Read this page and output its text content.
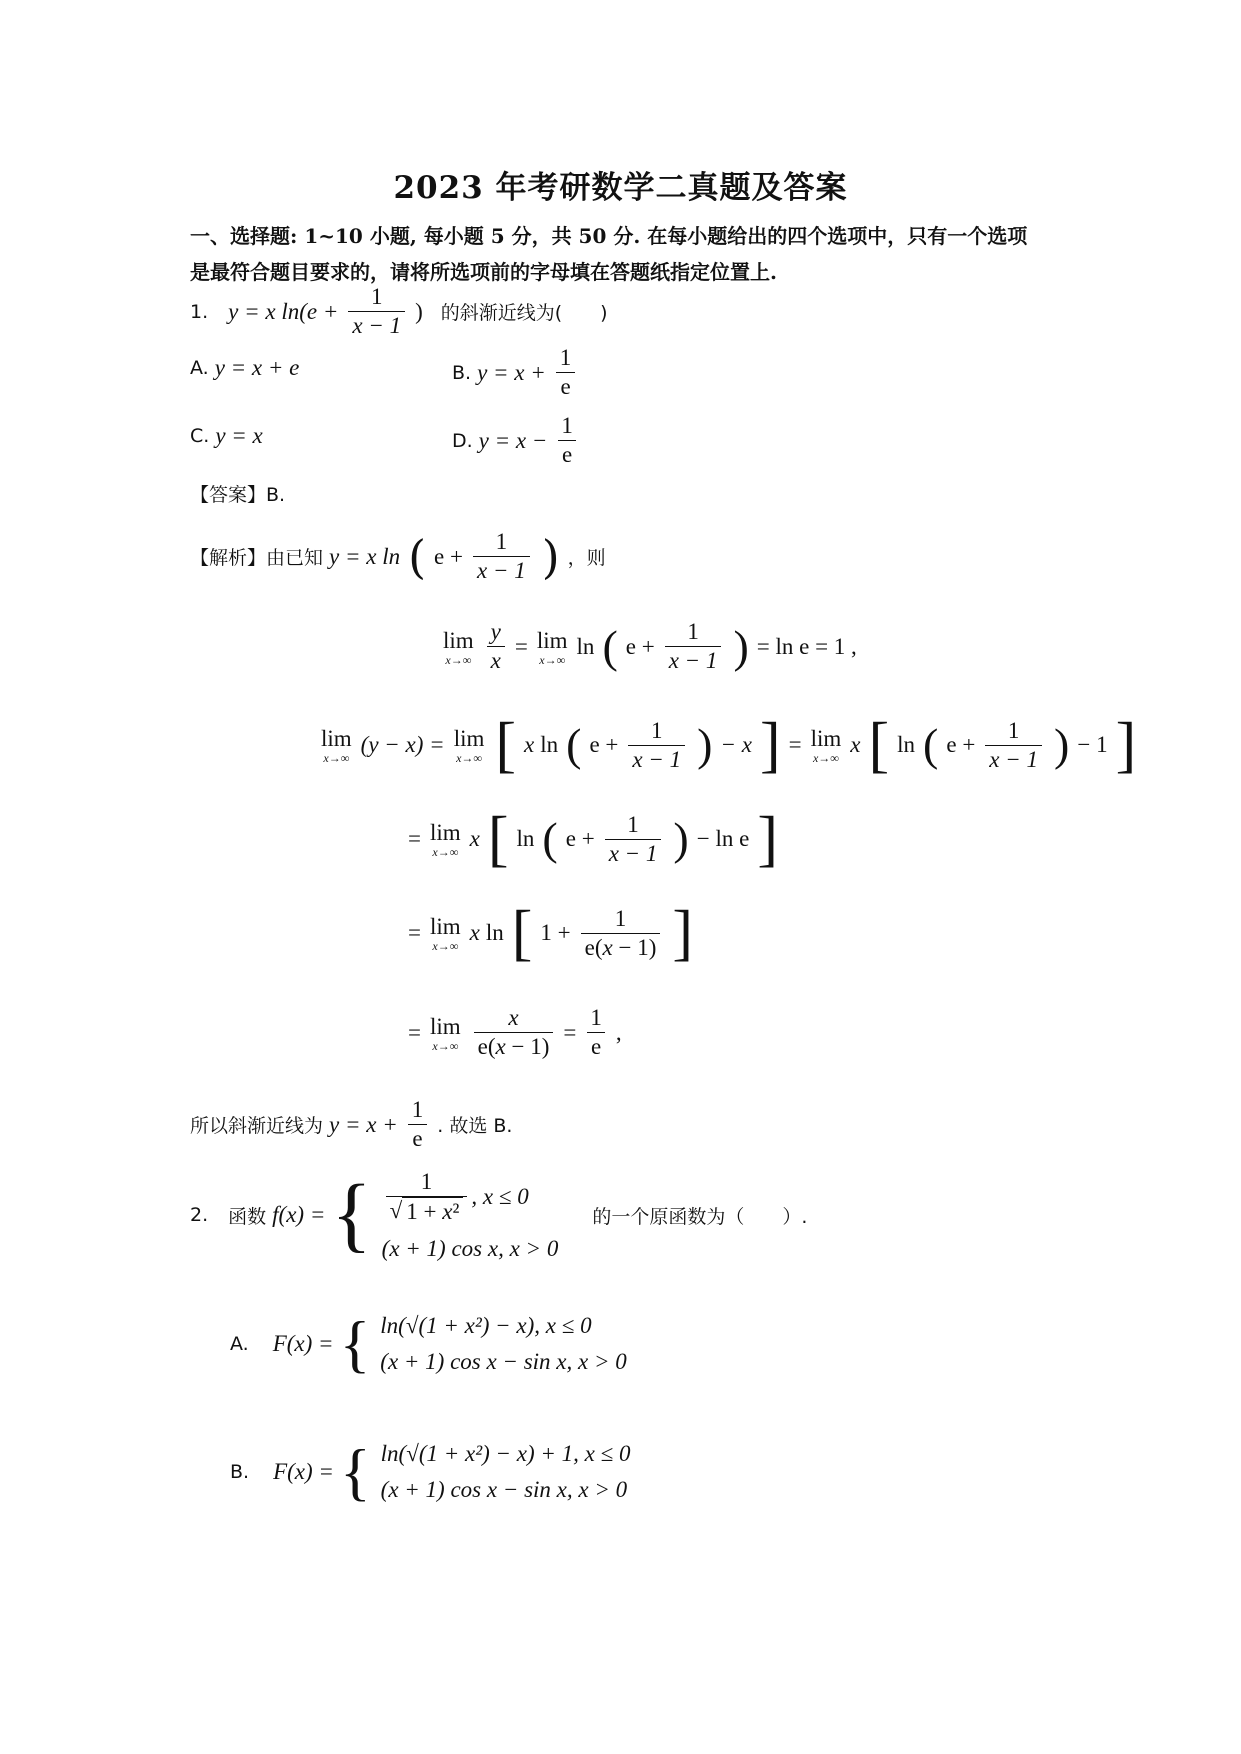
2023 年考研数学二真题及答案
一、选择题: 1~10 小题, 每小题 5 分，共 50 分. 在每小题给出的四个选项中，只有一个选项
是最符合题目要求的，请将所选项前的字母填在答题纸指定位置上.
1. y = x $\ln(e + \frac{1}{x - 1}$ ) 的斜渐近线为(　　)
A. y = x + e	B. $y = x + \frac{1}{e}$
C. y = x	D. $y = x - \frac{1}{e}$
【答案】B.
【解析】由已知 y = x ln ( $e + \frac{1}{x - 1}$ ) ，则
lim
$x\to\infty \frac{y}{x} = \lim$
x→∞
ln ( $e + \frac{1}{x - 1}$ ) = ln e = 1 ,
lim
x→∞
(y − x) = lim
x→∞ [ x ln ( $e + \frac{1}{x - 1}$ ) − x ] = lim
x→∞
x [ ln ( $e + \frac{1}{x - 1}$ ) − 1 ]
= lim
x→∞
x [ ln ( $e + \frac{1}{x - 1}$ ) − ln e ]
= lim
x→∞
x ln [ $1 + \frac{1}{e(x - 1)}$ ]
= lim
$x\to\infty \frac{x}{e(x - 1)} = \frac{1}{e}$ ,
所以斜渐近线为 $y = x + \frac{1}{e}$ . 故选 B.
2. 函数 f(x) = { $\frac{1}{\text{√ 1 + x²}}$ , x ≤ 0
(x + 1) cos x, x > 0
的一个原函数为（　　）.
A. F(x) = { ln(√(1 + x²) − x), x ≤ 0
(x + 1) cos x − sin x, x > 0
B. F(x) = { ln(√(1 + x²) − x) + 1, x ≤ 0
(x + 1) cos x − sin x, x > 0
